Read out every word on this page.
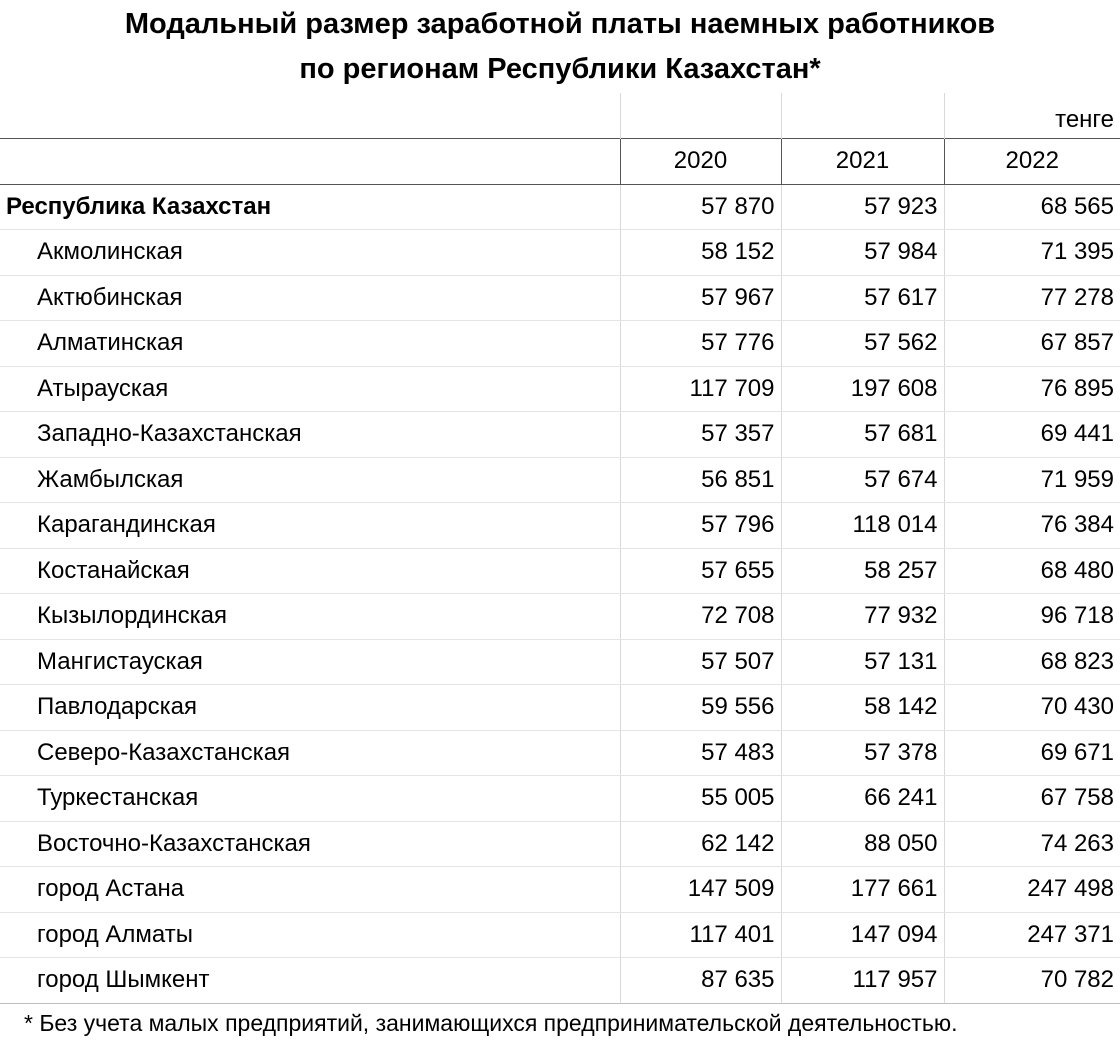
Модальный размер заработной платы наемных работников
по регионам Республики Казахстан*
			тенге
	2020	2021	2022
Республика Казахстан	57 870	57 923	68 565
Акмолинская	58 152	57 984	71 395
Актюбинская	57 967	57 617	77 278
Алматинская	57 776	57 562	67 857
Атырауская	117 709	197 608	76 895
Западно-Казахстанская	57 357	57 681	69 441
Жамбылская	56 851	57 674	71 959
Карагандинская	57 796	118 014	76 384
Костанайская	57 655	58 257	68 480
Кызылординская	72 708	77 932	96 718
Мангистауская	57 507	57 131	68 823
Павлодарская	59 556	58 142	70 430
Северо-Казахстанская	57 483	57 378	69 671
Туркестанская	55 005	66 241	67 758
Восточно-Казахстанская	62 142	88 050	74 263
город Астана	147 509	177 661	247 498
город Алматы	117 401	147 094	247 371
город Шымкент	87 635	117 957	70 782
* Без учета малых предприятий, занимающихся предпринимательской деятельностью.
